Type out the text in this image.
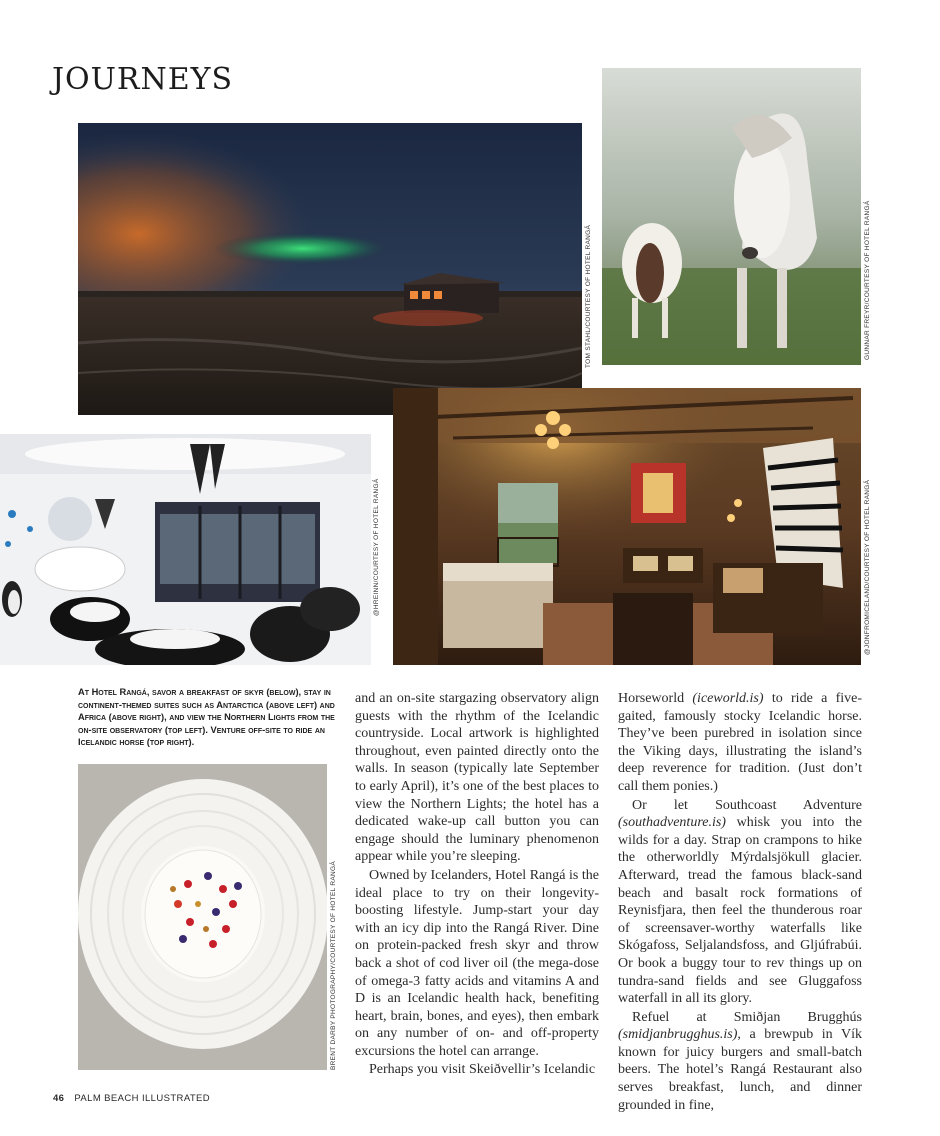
JOURNEYS
TOM STAHL/COURTESY OF HOTEL RANGÁ	GUNNAR FREYR/COURTESY OF HOTEL RANGÁ
@HREINN/COURTESY OF HOTEL RANGÁ	@JONFROMICELAND/COURTESY OF HOTEL RANGÁ
At Hotel Rangá, savor a breakfast of skyr (below), stay in continent-themed suites such as Antarctica (above left) and Africa (above right), and view the Northern Lights from the on-site observatory (top left). Venture off-site to ride an Icelandic horse (top right).
BRENT DARBY PHOTOGRAPHY/COURTESY OF HOTEL RANGÁ

and an on-site stargazing observatory align guests with the rhythm of the Icelandic countryside. Local artwork is highlighted throughout, even painted directly onto the walls. In season (typically late September to early April), it’s one of the best places to view the Northern Lights; the hotel has a dedicated wake-up call button you can engage should the luminary phenomenon appear while you’re sleeping.

Owned by Icelanders, Hotel Rangá is the ideal place to try on their longevity-boosting lifestyle. Jump-start your day with an icy dip into the Rangá River. Dine on protein-packed fresh skyr and throw back a shot of cod liver oil (the mega-dose of omega-3 fatty acids and vitamins A and D is an Icelandic health hack, benefiting heart, brain, bones, and eyes), then embark on any number of on- and off-property excursions the hotel can arrange.

Perhaps you visit Skeiðvellir’s Icelandic

Horseworld (iceworld.is) to ride a five-gaited, famously stocky Icelandic horse. They’ve been purebred in isolation since the Viking days, illustrating the island’s deep reverence for tradition. (Just don’t call them ponies.)

Or let Southcoast Adventure (southadventure.is) whisk you into the wilds for a day. Strap on crampons to hike the otherworldly Mýrdalsjökull glacier. Afterward, tread the famous black-sand beach and basalt rock formations of Reynisfjara, then feel the thunderous roar of screensaver-worthy waterfalls like Skógafoss, Seljalandsfoss, and Gljúfrabúi. Or book a buggy tour to rev things up on tundra-sand fields and see Gluggafoss waterfall in all its glory.

Refuel at Smiðjan Brugghús (smidjanbrugghus.is), a brewpub in Vík known for juicy burgers and small-batch beers. The hotel’s Rangá Restaurant also serves breakfast, lunch, and dinner grounded in fine,

46 PALM BEACH ILLUSTRATED
